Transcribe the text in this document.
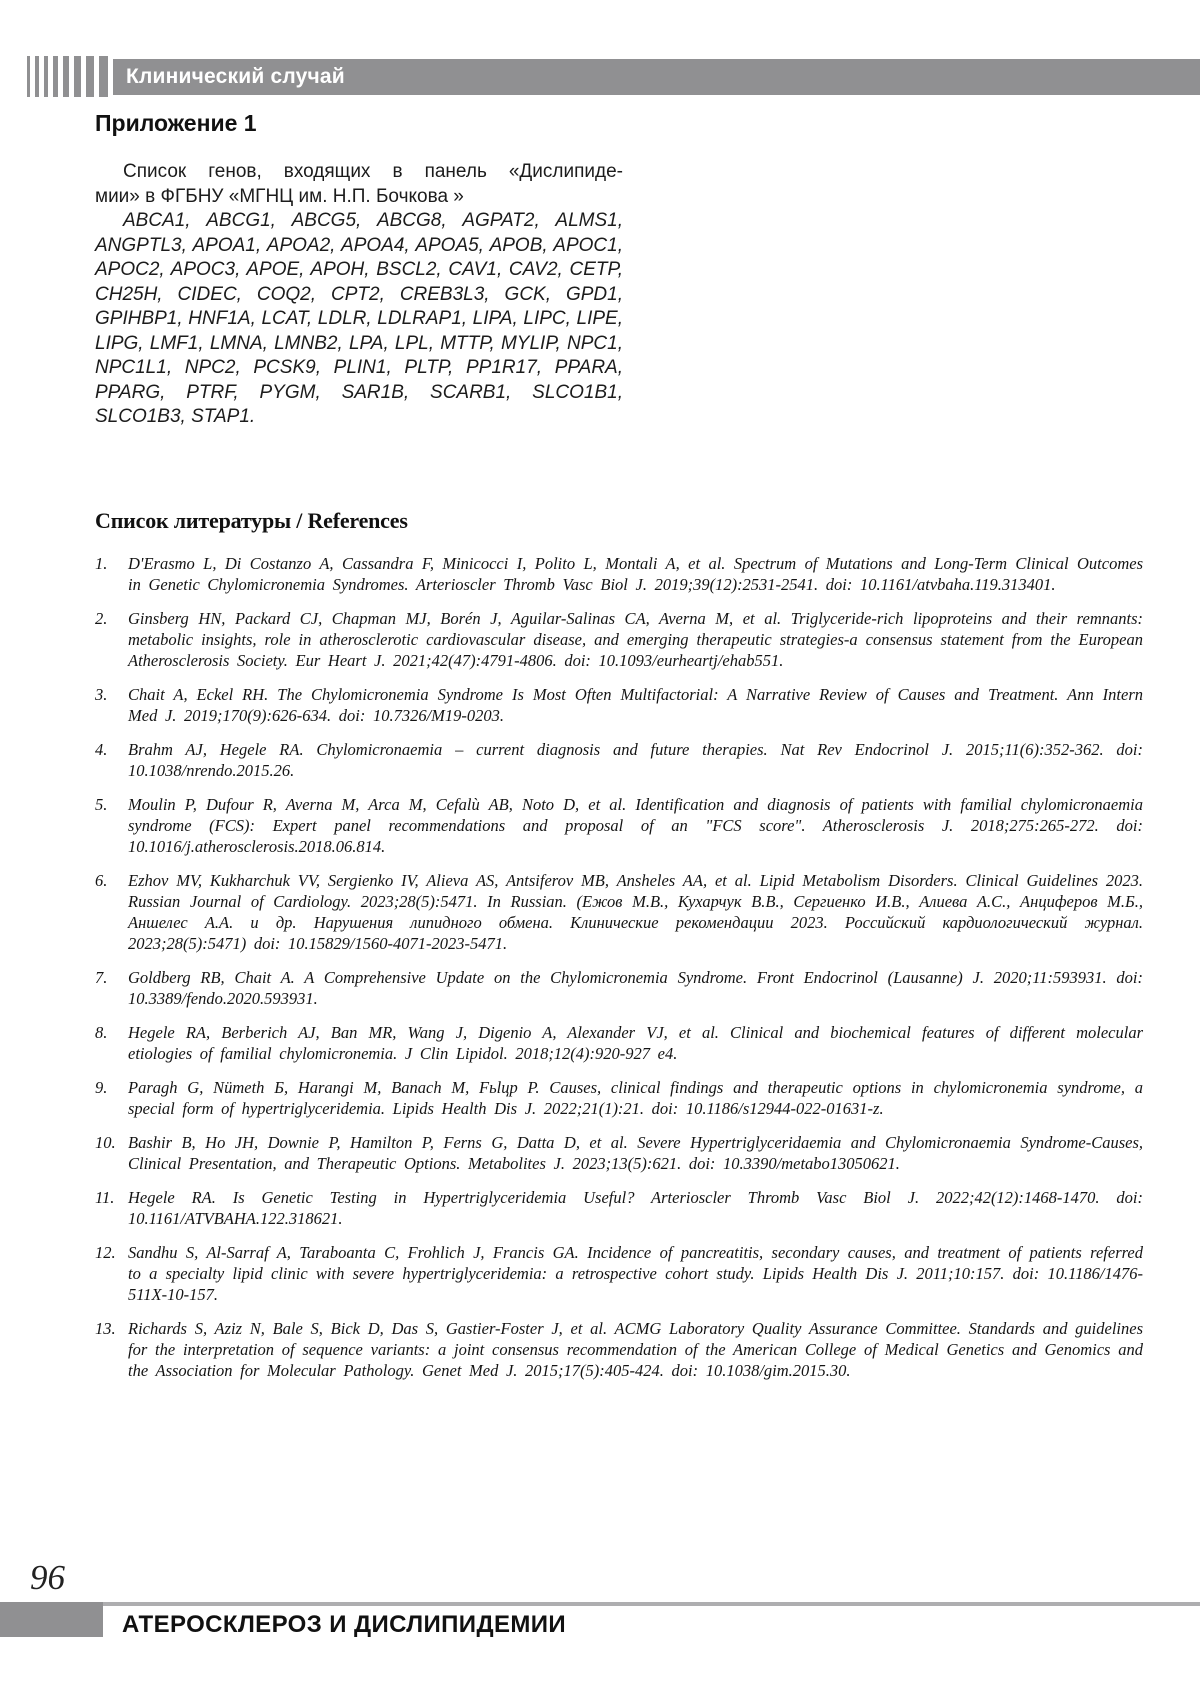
Клинический случай
Приложение 1

Список генов, входящих в панель «Дислипиде-
мии» в ФГБНУ «МГНЦ им. Н.П. Бочкова »

ABCA1, ABCG1, ABCG5, ABCG8, AGPAT2, ALMS1, ANGPTL3, APOA1, APOA2, APOA4, APOA5, APOB, APOC1, APOC2, APOC3, APOE, APOH, BSCL2, CAV1, CAV2, CETP, CH25H, CIDEC, COQ2, CPT2, CREB3L3, GCK, GPD1, GPIHBP1, HNF1A, LCAT, LDLR, LDLRAP1, LIPA, LIPC, LIPE, LIPG, LMF1, LMNA, LMNB2, LPA, LPL, MTTP, MYLIP, NPC1, NPC1L1, NPC2, PCSK9, PLIN1, PLTP, PP1R17, PPARA, PPARG, PTRF, PYGM, SAR1B, SCARB1, SLCO1B1, SLCO1B3, STAP1.

Список литературы / References
1. D'Erasmo L, Di Costanzo A, Cassandra F, Minicocci I, Polito L, Montali A, et al. Spectrum of Mutations and Long-Term Clinical Outcomes in Genetic Chylomicronemia Syndromes. Arterioscler Thromb Vasc Biol J. 2019;39(12):2531-2541. doi: 10.1161/atvbaha.119.313401.
2. Ginsberg HN, Packard CJ, Chapman MJ, Borén J, Aguilar-Salinas CA, Averna M, et al. Triglyceride-rich lipoproteins and their remnants: metabolic insights, role in atherosclerotic cardiovascular disease, and emerging therapeutic strategies-a consensus statement from the European Atherosclerosis Society. Eur Heart J. 2021;42(47):4791-4806. doi: 10.1093/eurheartj/ehab551.
3. Chait A, Eckel RH. The Chylomicronemia Syndrome Is Most Often Multifactorial: A Narrative Review of Causes and Treatment. Ann Intern Med J. 2019;170(9):626-634. doi: 10.7326/M19-0203.
4. Brahm AJ, Hegele RA. Chylomicronaemia – current diagnosis and future therapies. Nat Rev Endocrinol J. 2015;11(6):352-362. doi: 10.1038/nrendo.2015.26.
5. Moulin P, Dufour R, Averna M, Arca M, Cefalù AB, Noto D, et al. Identification and diagnosis of patients with familial chylomicronaemia syndrome (FCS): Expert panel recommendations and proposal of an "FCS score". Atherosclerosis J. 2018;275:265-272. doi: 10.1016/j.atherosclerosis.2018.06.814.
6. Ezhov MV, Kukharchuk VV, Sergienko IV, Alieva AS, Antsiferov MB, Ansheles AA, et al. Lipid Metabolism Disorders. Clinical Guidelines 2023. Russian Journal of Cardiology. 2023;28(5):5471. In Russian. (Ежов М.В., Кухарчук В.В., Сергиенко И.В., Алиева А.С., Анциферов М.Б., Аншелес А.А. и др. Нарушения липидного обмена. Клинические рекомендации 2023. Российский кардиологический журнал. 2023;28(5):5471) doi: 10.15829/1560-4071-2023-5471.
7. Goldberg RB, Chait A. A Comprehensive Update on the Chylomicronemia Syndrome. Front Endocrinol (Lausanne) J. 2020;11:593931. doi: 10.3389/fendo.2020.593931.
8. Hegele RA, Berberich AJ, Ban MR, Wang J, Digenio A, Alexander VJ, et al. Clinical and biochemical features of different molecular etiologies of familial chylomicronemia. J Clin Lipidol. 2018;12(4):920-927 e4.
9. Paragh G, Nümeth Б, Harangi M, Banach M, Fьlцp P. Causes, clinical findings and therapeutic options in chylomicronemia syndrome, a special form of hypertriglyceridemia. Lipids Health Dis J. 2022;21(1):21. doi: 10.1186/s12944-022-01631-z.
10. Bashir B, Ho JH, Downie P, Hamilton P, Ferns G, Datta D, et al. Severe Hypertriglyceridaemia and Chylomicronaemia Syndrome-Causes, Clinical Presentation, and Therapeutic Options. Metabolites J. 2023;13(5):621. doi: 10.3390/metabo13050621.
11. Hegele RA. Is Genetic Testing in Hypertriglyceridemia Useful? Arterioscler Thromb Vasc Biol J. 2022;42(12):1468-1470. doi: 10.1161/ATVBAHA.122.318621.
12. Sandhu S, Al-Sarraf A, Taraboanta C, Frohlich J, Francis GA. Incidence of pancreatitis, secondary causes, and treatment of patients referred to a specialty lipid clinic with severe hypertriglyceridemia: a retrospective cohort study. Lipids Health Dis J. 2011;10:157. doi: 10.1186/1476-511X-10-157.
13. Richards S, Aziz N, Bale S, Bick D, Das S, Gastier-Foster J, et al. ACMG Laboratory Quality Assurance Committee. Standards and guidelines for the interpretation of sequence variants: a joint consensus recommendation of the American College of Medical Genetics and Genomics and the Association for Molecular Pathology. Genet Med J. 2015;17(5):405-424. doi: 10.1038/gim.2015.30.
96
АТЕРОСКЛЕРОЗ И ДИСЛИПИДЕМИИ
